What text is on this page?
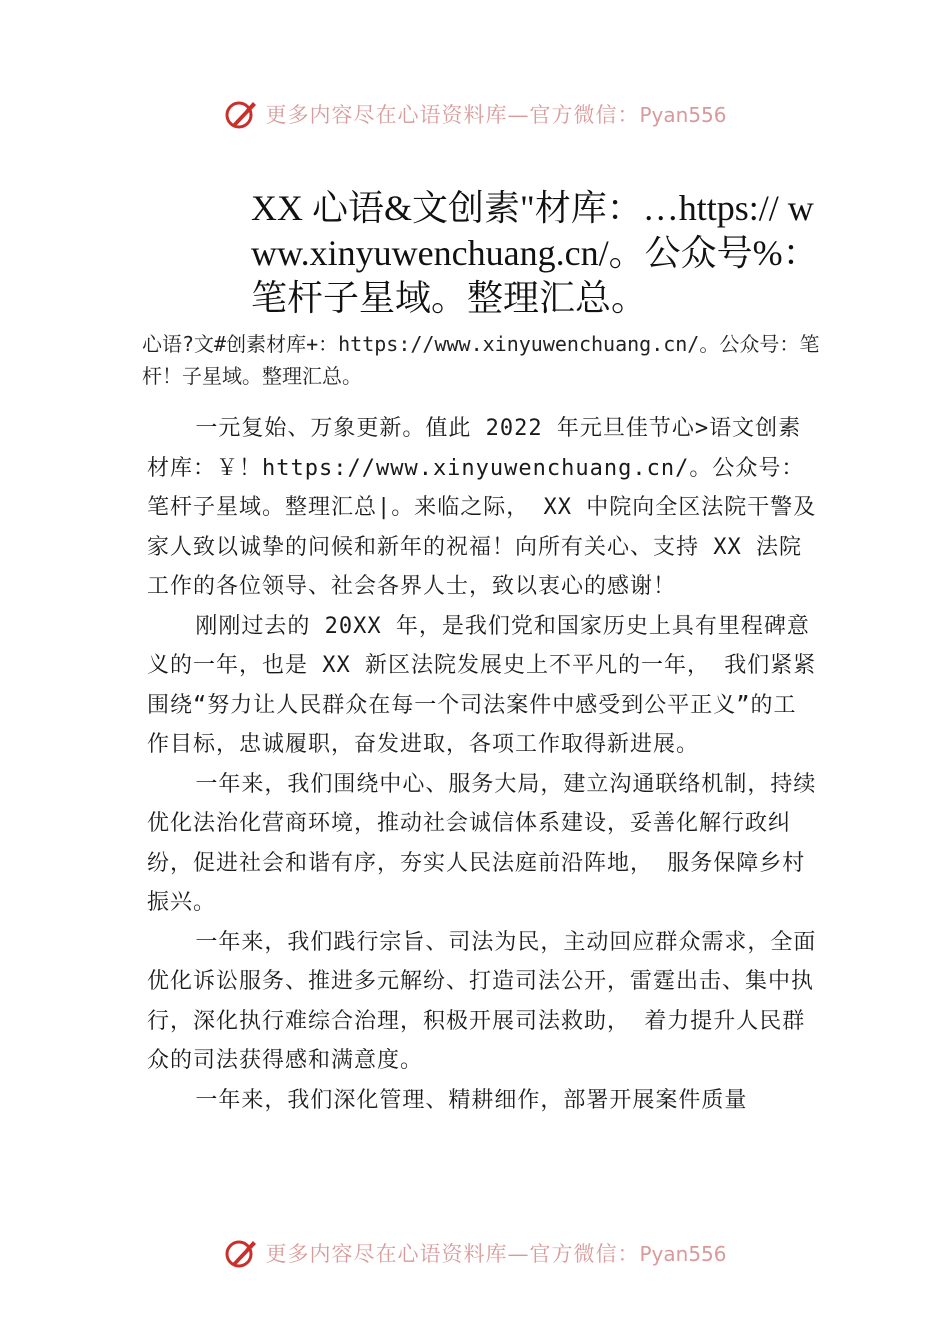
更多内容尽在心语资料库—官方微信：Pyan556
XX 心语&文创素"材库：…https:// www.xinyuwenchuang.cn/。公众号%：笔杆子星域。整理汇总。

心语?文#创素材库+：https://www.xinyuwenchuang.cn/。公众号：笔杆！子星域。整理汇总。

一元复始、万象更新。值此 2022 年元旦佳节心>语文创素材库：￥！https://www.xinyuwenchuang.cn/。公众号：笔杆子星域。整理汇总|。来临之际， XX 中院向全区法院干警及家人致以诚挚的问候和新年的祝福！向所有关心、支持 XX 法院工作的各位领导、社会各界人士，致以衷心的感谢！

刚刚过去的 20XX 年，是我们党和国家历史上具有里程碑意义的一年，也是 XX 新区法院发展史上不平凡的一年， 我们紧紧围绕“努力让人民群众在每一个司法案件中感受到公平正义”的工作目标，忠诚履职，奋发进取，各项工作取得新进展。

一年来，我们围绕中心、服务大局，建立沟通联络机制，持续优化法治化营商环境，推动社会诚信体系建设，妥善化解行政纠纷，促进社会和谐有序，夯实人民法庭前沿阵地， 服务保障乡村振兴。

一年来，我们践行宗旨、司法为民，主动回应群众需求，全面优化诉讼服务、推进多元解纷、打造司法公开，雷霆出击、集中执行，深化执行难综合治理，积极开展司法救助， 着力提升人民群众的司法获得感和满意度。

一年来，我们深化管理、精耕细作，部署开展案件质量

更多内容尽在心语资料库—官方微信：Pyan556
